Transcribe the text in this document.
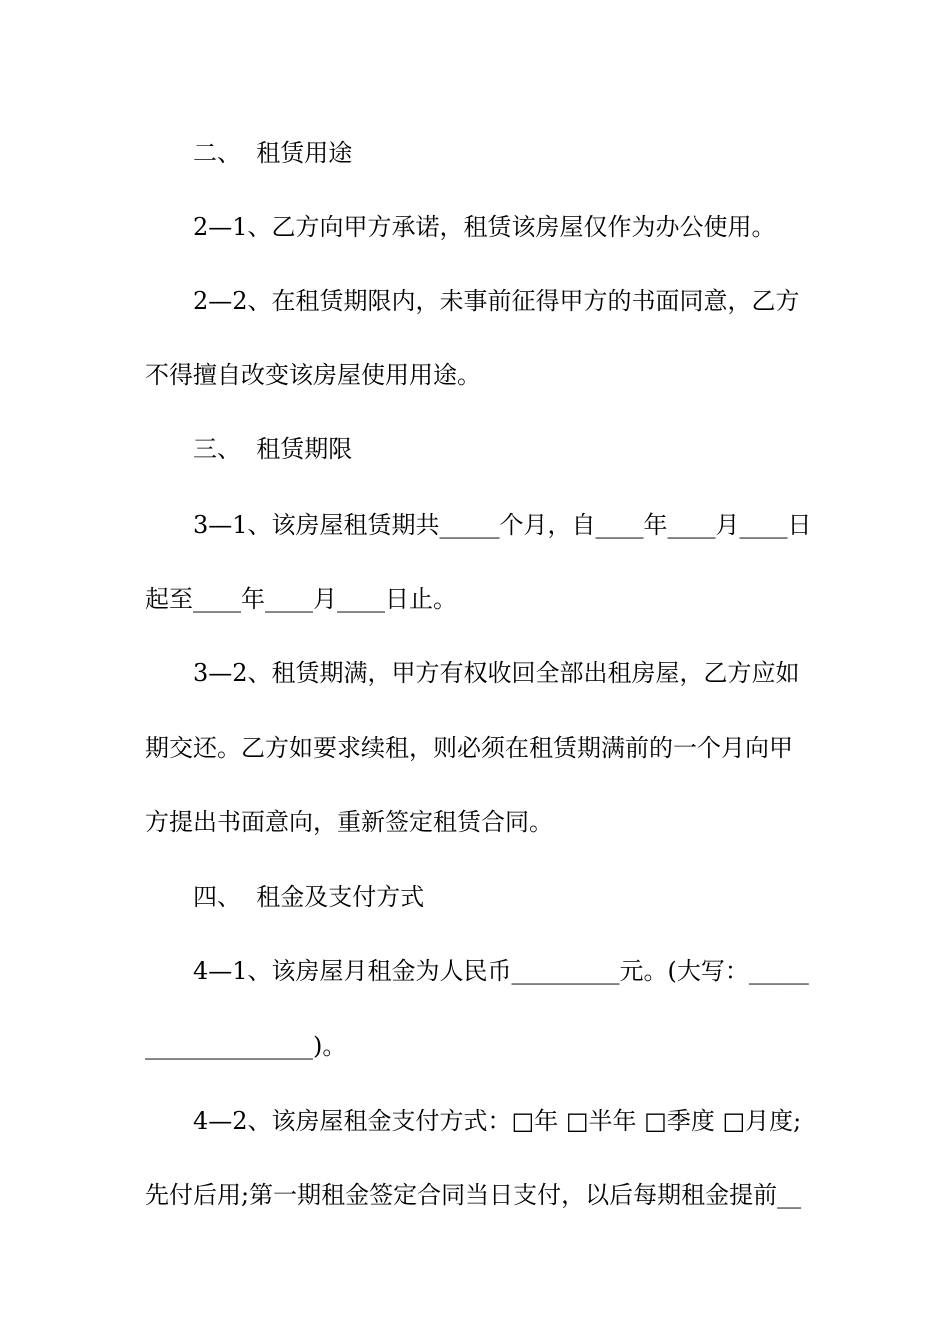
二、  租赁用途
2—1、乙方向甲方承诺，租赁该房屋仅作为办公使用。
2—2、在租赁期限内，未事前征得甲方的书面同意，乙方
不得擅自改变该房屋使用用途。
三、  租赁期限
3—1、该房屋租赁期共_____个月，自____年____月____日
起至____年____月____日止。
3—2、租赁期满，甲方有权收回全部出租房屋，乙方应如
期交还。乙方如要求续租，则必须在租赁期满前的一个月向甲
方提出书面意向，重新签定租赁合同。
四、  租金及支付方式
4—1、该房屋月租金为人民币_________元。(大写：_____
______________)。
4—2、该房屋租金支付方式：□年 □半年 □季度 □月度;
先付后用;第一期租金签定合同当日支付，以后每期租金提前__
